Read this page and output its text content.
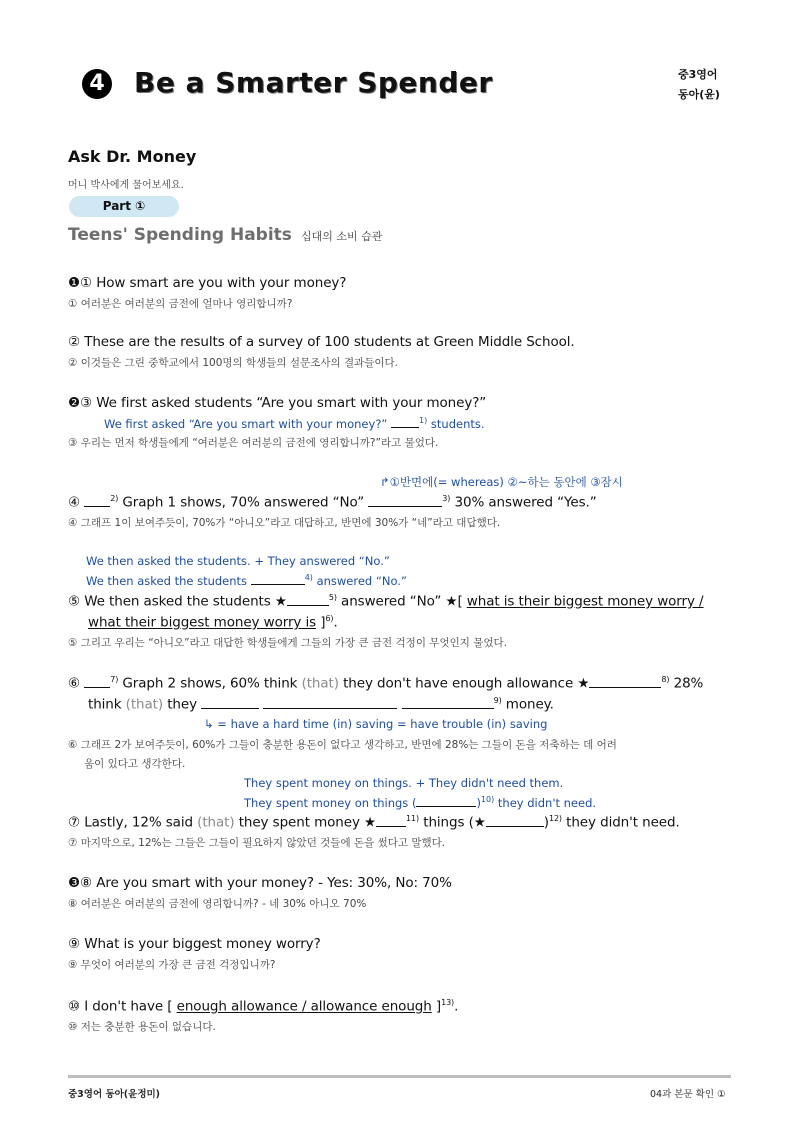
4 Be a Smarter Spender	중3영어
동아(윤)
Ask Dr. Money
머니 박사에게 물어보세요.
Part ①
Teens' Spending Habits 십대의 소비 습관
❶① How smart are you with your money?
① 여러분은 여러분의 금전에 얼마나 영리합니까?
② These are the results of a survey of 100 students at Green Middle School.
② 이것들은 그린 중학교에서 100명의 학생들의 설문조사의 결과들이다.
❷③ We first asked students “Are you smart with your money?”
We first asked “Are you smart with your money?”	$^{1)}$ students.
③ 우리는 먼저 학생들에게 “여러분은 여러분의 금전에 영리합니까?”라고 물었다.
↱①반면에(= whereas) ②~하는 동안에 ③잠시
④	$^{2)}$ Graph 1 shows, 70% answered “No”	$^{3)}$ 30% answered “Yes.”
④ 그래프 1이 보여주듯이, 70%가 “아니오”라고 대답하고, 반면에 30%가 “네”라고 대답했다.
We then asked the students. + They answered “No.”
We then asked the students	$^{4)}$ answered “No.”
⑤ We then asked the students ★	$^{5)}$ answered “No” ★[ what is their biggest money worry /
what their biggest money worry is ]$^{6)}$.
⑤ 그리고 우리는 “아니오”라고 대답한 학생들에게 그들의 가장 큰 금전 걱정이 무엇인지 물었다.
⑥	$^{7)}$ Graph 2 shows, 60% think (that) they don't have enough allowance ★	$^{8)}$ 28%
think (that) they	$^{9)}$ money.
↳ = have a hard time (in) saving = have trouble (in) saving
⑥ 그래프 2가 보여주듯이, 60%가 그들이 충분한 용돈이 없다고 생각하고, 반면에 28%는 그들이 돈을 저축하는 데 어려
움이 있다고 생각한다.
They spent money on things. + They didn't need them.
They spent money on things (	)$^{10)}$ they didn't need.
⑦ Lastly, 12% said (that) they spent money ★	$^{11)}$ things (★	)$^{12)}$ they didn't need.
⑦ 마지막으로, 12%는 그들은 그들이 필요하지 않았던 것들에 돈을 썼다고 말했다.
❸⑧ Are you smart with your money? - Yes: 30%, No: 70%
⑧ 여러분은 여러분의 금전에 영리합니까? - 네 30% 아니오 70%
⑨ What is your biggest money worry?
⑨ 무엇이 여러분의 가장 큰 금전 걱정입니까?
⑩ I don't have [ enough allowance / allowance enough ]$^{13)}$.
⑩ 저는 충분한 용돈이 없습니다.
중3영어 동아(윤정미)	04과 본문 확인 ①
